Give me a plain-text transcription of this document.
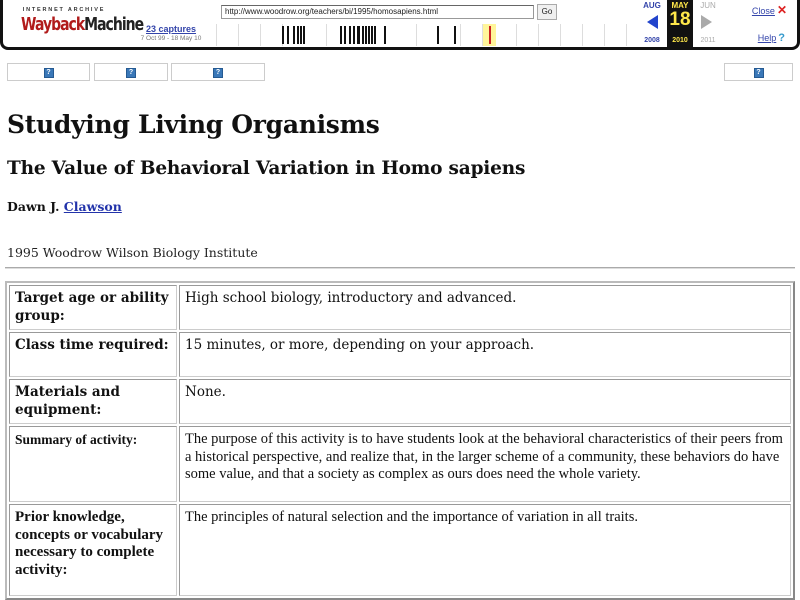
INTERNET ARCHIVE
WaybackMachine
http://www.woodrow.org/teachers/bi/1995/homosapiens.html	Go
23 captures
7 Oct 99 - 18 May 10
AUG
2008
MAY
18
2010
JUN
2011
Close ✕
Help ?
?	?	?	?
Studying Living Organisms
The Value of Behavioral Variation in Homo sapiens
Dawn J. Clawson
1995 Woodrow Wilson Biology Institute
Target age or ability group:	High school biology, introductory and advanced.
Class time required:	15 minutes, or more, depending on your approach.
Materials and equipment:	None.
Summary of activity:	The purpose of this activity is to have students look at the behavioral characteristics of their peers from a historical perspective, and realize that, in the larger scheme of a community, these behaviors do have some value, and that a society as complex as ours does need the whole variety.
Prior knowledge, concepts or vocabulary necessary to complete activity:	The principles of natural selection and the importance of variation in all traits.
